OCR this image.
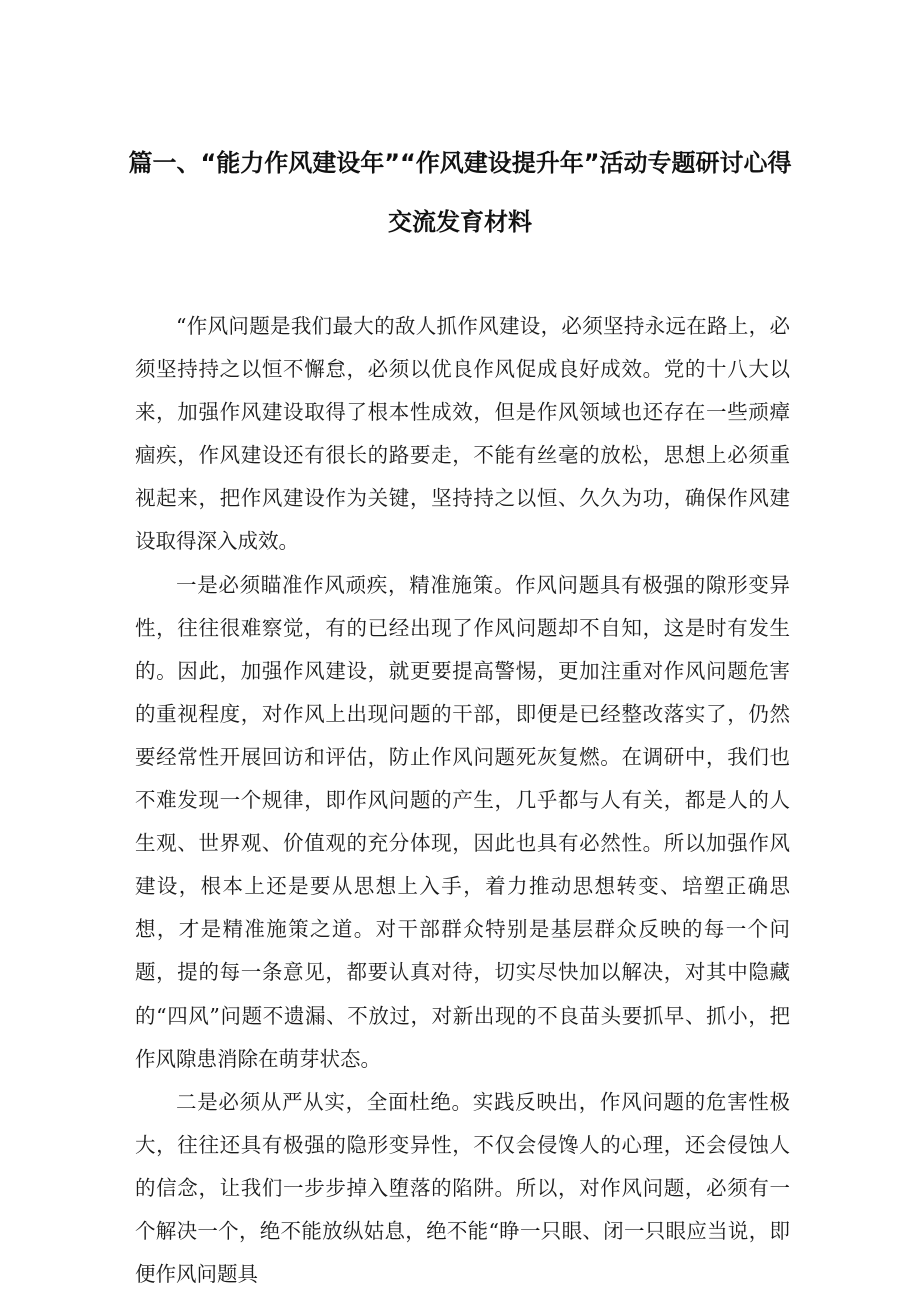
篇一、“能力作风建设年”“作风建设提升年”活动专题研讨心得
交流发育材料

“作风问题是我们最大的敌人抓作风建设，必须坚持永远在路上，必须坚持持之以恒不懈怠，必须以优良作风促成良好成效。党的十八大以来，加强作风建设取得了根本性成效，但是作风领域也还存在一些顽瘴痼疾，作风建设还有很长的路要走，不能有丝毫的放松，思想上必须重视起来，把作风建设作为关键，坚持持之以恒、久久为功，确保作风建设取得深入成效。

一是必须瞄准作风顽疾，精准施策。作风问题具有极强的隙形变异性，往往很难察觉，有的已经出现了作风问题却不自知，这是时有发生的。因此，加强作风建设，就更要提高警惕，更加注重对作风问题危害的重视程度，对作风上出现问题的干部，即便是已经整改落实了，仍然要经常性开展回访和评估，防止作风问题死灰复燃。在调研中，我们也不难发现一个规律，即作风问题的产生，几乎都与人有关，都是人的人生观、世界观、价值观的充分体现，因此也具有必然性。所以加强作风建设，根本上还是要从思想上入手，着力推动思想转变、培塑正确思想，才是精准施策之道。对干部群众特别是基层群众反映的每一个问题，提的每一条意见，都要认真对待，切实尽快加以解决，对其中隐藏的“四风”问题不遗漏、不放过，对新出现的不良苗头要抓早、抓小，把作风隙患消除在萌芽状态。

二是必须从严从实，全面杜绝。实践反映出，作风问题的危害性极大，往往还具有极强的隐形变异性，不仅会侵馋人的心理，还会侵蚀人的信念，让我们一步步掉入堕落的陷阱。所以，对作风问题，必须有一个解决一个，绝不能放纵姑息，绝不能“睁一只眼、闭一只眼应当说，即便作风问题具
